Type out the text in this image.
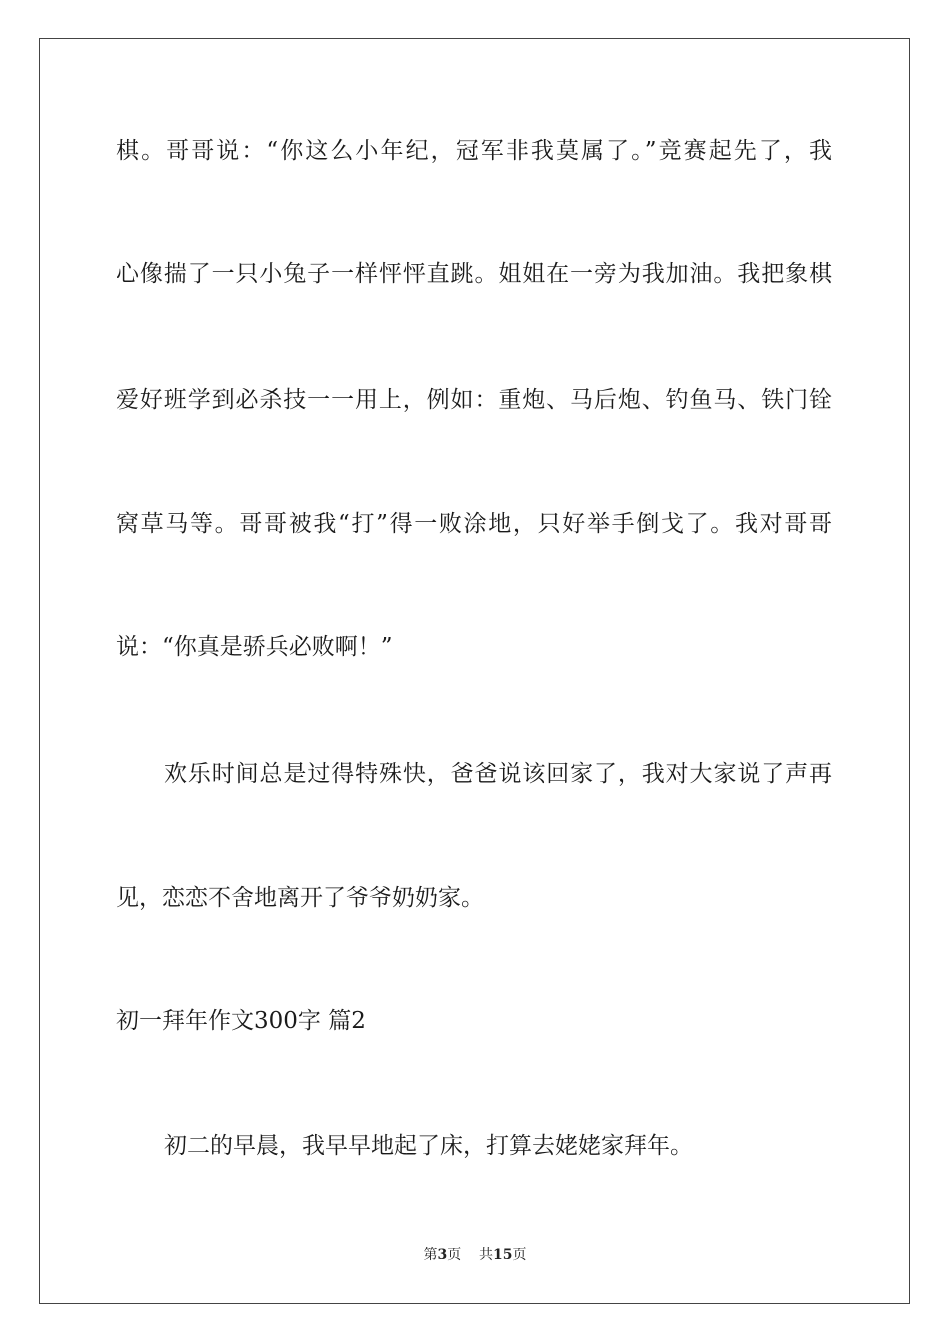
棋。哥哥说：“你这么小年纪，冠军非我莫属了。”竞赛起先了，我
心像揣了一只小兔子一样怦怦直跳。姐姐在一旁为我加油。我把象棋
爱好班学到必杀技一一用上，例如：重炮、马后炮、钓鱼马、铁门铨
窝草马等。哥哥被我“打”得一败涂地，只好举手倒戈了。我对哥哥
说：“你真是骄兵必败啊！”
欢乐时间总是过得特殊快，爸爸说该回家了，我对大家说了声再
见，恋恋不舍地离开了爷爷奶奶家。
初一拜年作文300字 篇2
初二的早晨，我早早地起了床，打算去姥姥家拜年。
第3页    共15页
